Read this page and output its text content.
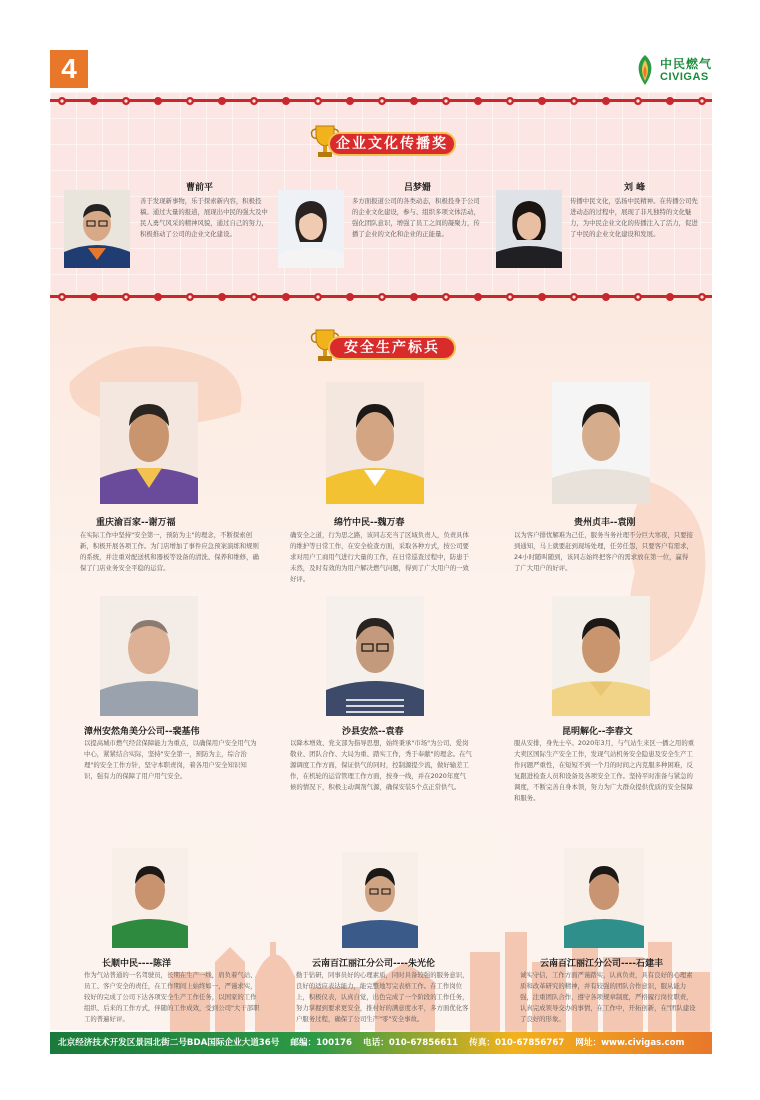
4	中民燃气
CIVIGAS
企业文化传播奖
安全生产标兵
曹前平
善于发现新事物，乐于探索新内容，积极投稿。通过大量的报道，展现出中民的强大及中民人勇气风采的精神风貌，通过自己的努力，积极推动了公司的企业文化建设。
吕梦姗
多方面报道公司的各类动态，积极投身于公司的企业文化建设，参与、组织多项文体活动，强化团队意识，增强了员工之间的凝聚力，传播了企业的文化和企业的正能量。
刘 峰
传播中民文化，弘扬中民精神。在传播公司先进动态的过程中，展现了非凡独特的文化魅力，为中民企业文化的传播注入了活力，促进了中民的企业文化建设和发展。
重庆渝百家--谢万福
在实际工作中坚持"安全第一，预防为主"的理念，不断探索创新，积极开展各项工作。为门店增加了事件应急预案演练和规则的系统，并注重对配送机和器板等设备的清洗、保养和维修，确保了门店业务安全平稳的运营。
绵竹中民--魏万春
确安全之道，行为思之路，该同志充当了区域负责人，负责具体的维护等日常工作，在安全检查方面，采取各种方式，按公司要求对用户工商用气进行大量的工作，在日常巡查过程中，防患于未然，及时有效的为用户解决燃气问题，得到了广大用户的一致好评。
贵州贞丰--袁刚
以为客户排忧解难为己任，服务当务社理不分巨大寒夜，只要接到通知，马上就要赶到现场处理，任劳任怨，只要客户有需求，24小时随叫随到，该同志始终把客户的需求放在第一位，赢得了广大用户的好评。
漳州安然角美分公司--裴基伟
以提高城市燃气经营保障能力为重点，以确保用户安全用气为中心，紧紧结合实际，坚持"安全第一，预防为主，综合治理"的安全工作方针，坚守本职责岗，着各用户安全知识知识，强有力的保障了用户用气安全。
沙县安然--袁春
以降本增效、党支部为指导思想，始终秉承"市场"为公司、爱岗敬业、团队合作、大局为重、踏实工作，秀于奉献"的理念。在气源调度工作方面，保证供气的同时，控制源提少流，做好输差工作，在机轮的运营管理工作方面，按身一线，并在2020年度气候的情况下，积极主动调剂气源，确保安装5个点正常供气。
昆明解化--李春文
服从安排，身先士卒。2020年3月，与气站生来区一播之用的重大卖区国际生产安全工作，发现气站机务安全隐患及安全生产工作问题严重性，在短短不到一个月的时间之内克服多种困难，反复跟进检查人员和设备及各项安全工作。坚持平时准备与紧急的调度，不断完善自身本领，努力为广大群众提供优质的安全保障和服务。
长顺中民----陈洋
作为气站普通的一名驾驶员，长期在生产一线，肩负着气站、员工、客户安全的责任，在工作期间上始终如一，严谨求实，较好的完成了公司下达各项安全生产工作任务，以国家的工作组织、后来的工作方式，伴随的工作成效，受到公司"大干部职工的普遍好评。
云南百江丽江分公司----朱光伦
勤于钻研，同事员好的心理素质，同时具备较强的服务意识，良好的适应表达能力，能完整地写完表格工作。在工作岗位上，积极仪表，认真自觉，出色完成了一个阶段的工作任务，努力掌握到要求更安全，推村好的满意度水平，多方面优化客户服务过程，确保了公司生产"零"安全事故。
云南百江丽江分公司----石建丰
诚实守信，工作方面严谨踏实，认真负责，具有良好的心理素质和改革研究的精神，并有较强的团队合作意识，服从能力强，注重团队合作，遵守各项规章制度，严格履行岗位职责，认真完成领导交办的事情，在工作中，开拓创新，在"团队建设了良好的形象。
北京经济技术开发区景园北街二号BDA国际企业大道36号 邮编：100176 电话：010-67856611 传真：010-67856767 网址：www.civigas.com
